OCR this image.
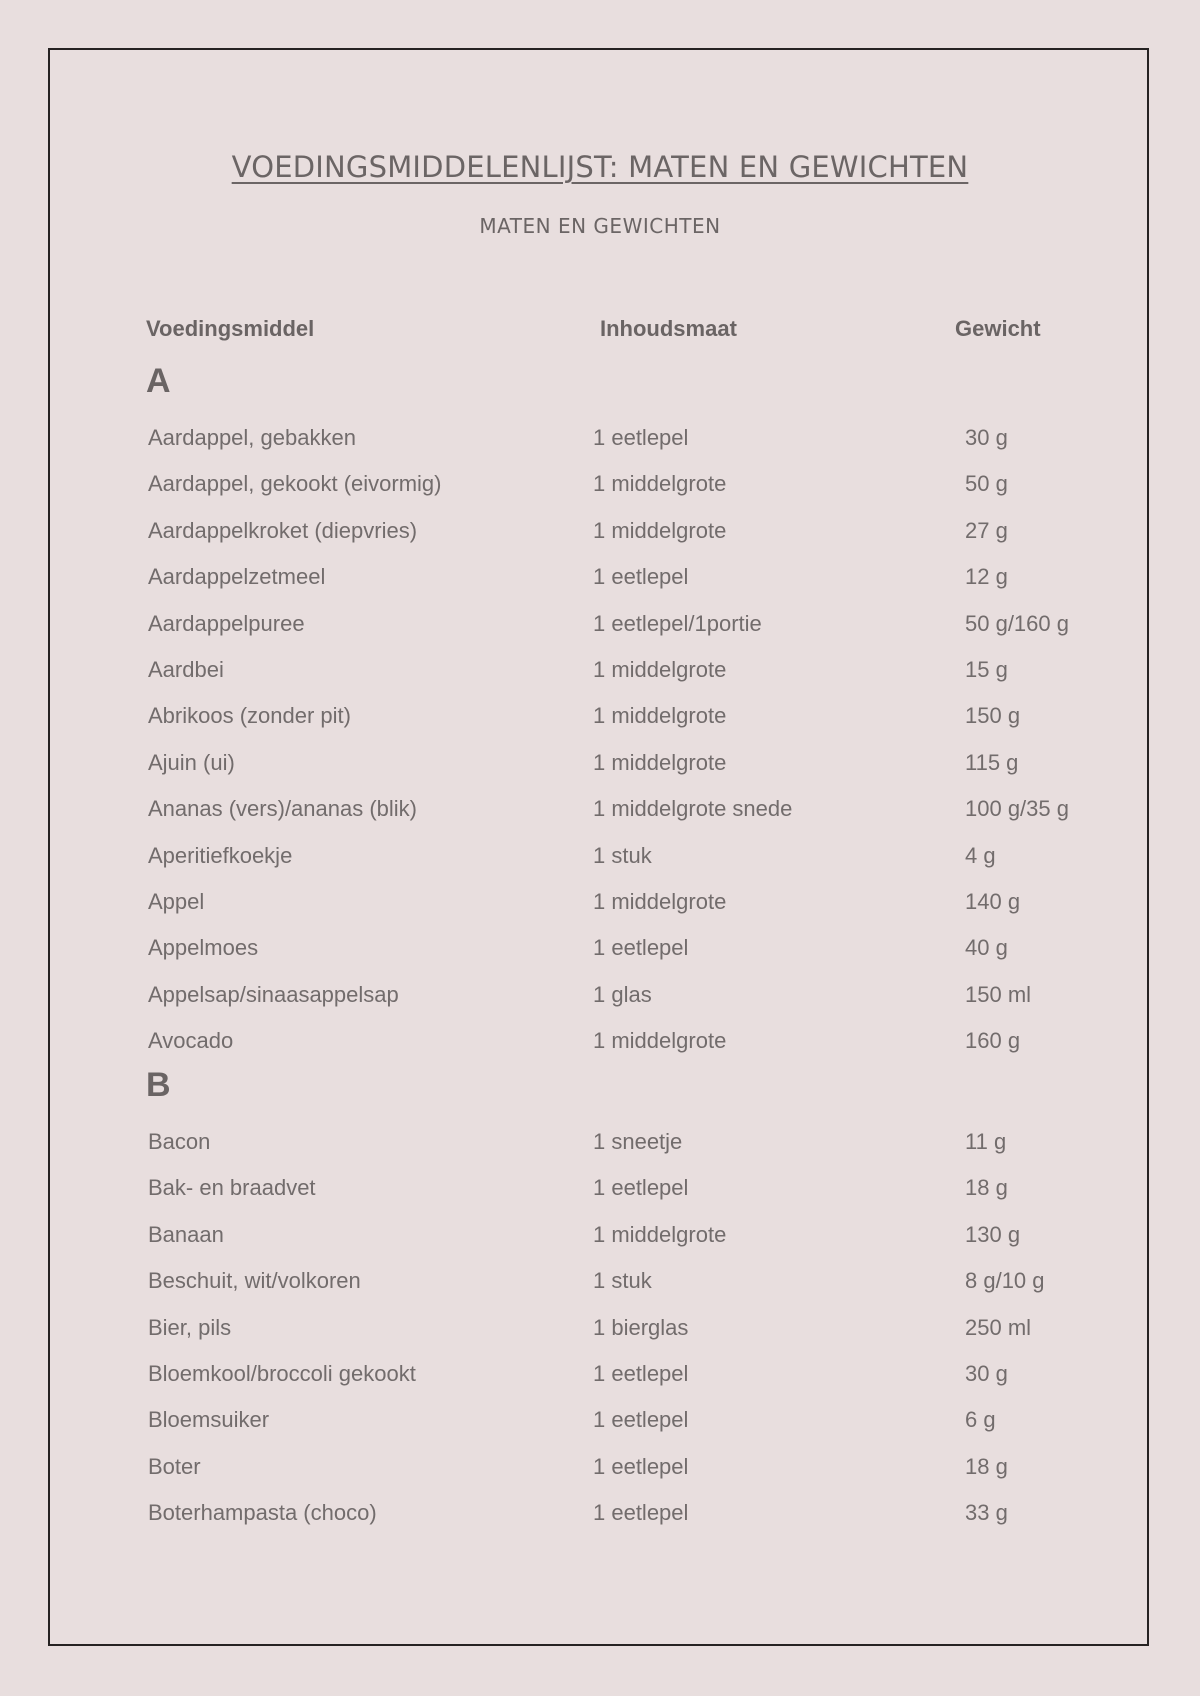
VOEDINGSMIDDELENLIJST: MATEN EN GEWICHTEN
MATEN EN GEWICHTEN
Voedingsmiddel	Inhoudsmaat	Gewicht
A
Aardappel, gebakken	1 eetlepel	30 g
Aardappel, gekookt (eivormig)	1 middelgrote	50 g
Aardappelkroket (diepvries)	1 middelgrote	27 g
Aardappelzetmeel	1 eetlepel	12 g
Aardappelpuree	1 eetlepel/1portie	50 g/160 g
Aardbei	1 middelgrote	15 g
Abrikoos (zonder pit)	1 middelgrote	150 g
Ajuin (ui)	1 middelgrote	115 g
Ananas (vers)/ananas (blik)	1 middelgrote snede	100 g/35 g
Aperitiefkoekje	1 stuk	4 g
Appel	1 middelgrote	140 g
Appelmoes	1 eetlepel	40 g
Appelsap/sinaasappelsap	1 glas	150 ml
Avocado	1 middelgrote	160 g
B
Bacon	1 sneetje	11 g
Bak- en braadvet	1 eetlepel	18 g
Banaan	1 middelgrote	130 g
Beschuit, wit/volkoren	1 stuk	8 g/10 g
Bier, pils	1 bierglas	250 ml
Bloemkool/broccoli gekookt	1 eetlepel	30 g
Bloemsuiker	1 eetlepel	6 g
Boter	1 eetlepel	18 g
Boterhampasta (choco)	1 eetlepel	33 g
